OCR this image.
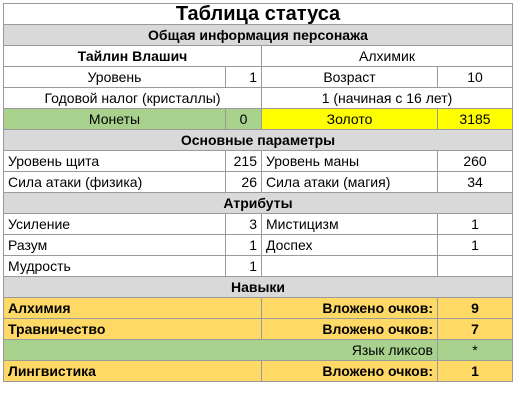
Таблица статуса			
Общая информация персонажа			
Тайлин Влашич		Алхимик	
Уровень	1	Возраст	10
Годовой налог (кристаллы)		1 (начиная с 16 лет)	
Монеты	0	Золото	3185
Основные параметры			
Уровень щита	215	Уровень маны	260
Сила атаки (физика)	26	Сила атаки (магия)	34
Атрибуты			
Усиление	3	Мистицизм	1
Разум	1	Доспех	1
Мудрость	1		
Навыки			
Алхимия		Вложено очков:	9
Травничество		Вложено очков:	7
Язык ликсов			*
Лингвистика		Вложено очков:	1
